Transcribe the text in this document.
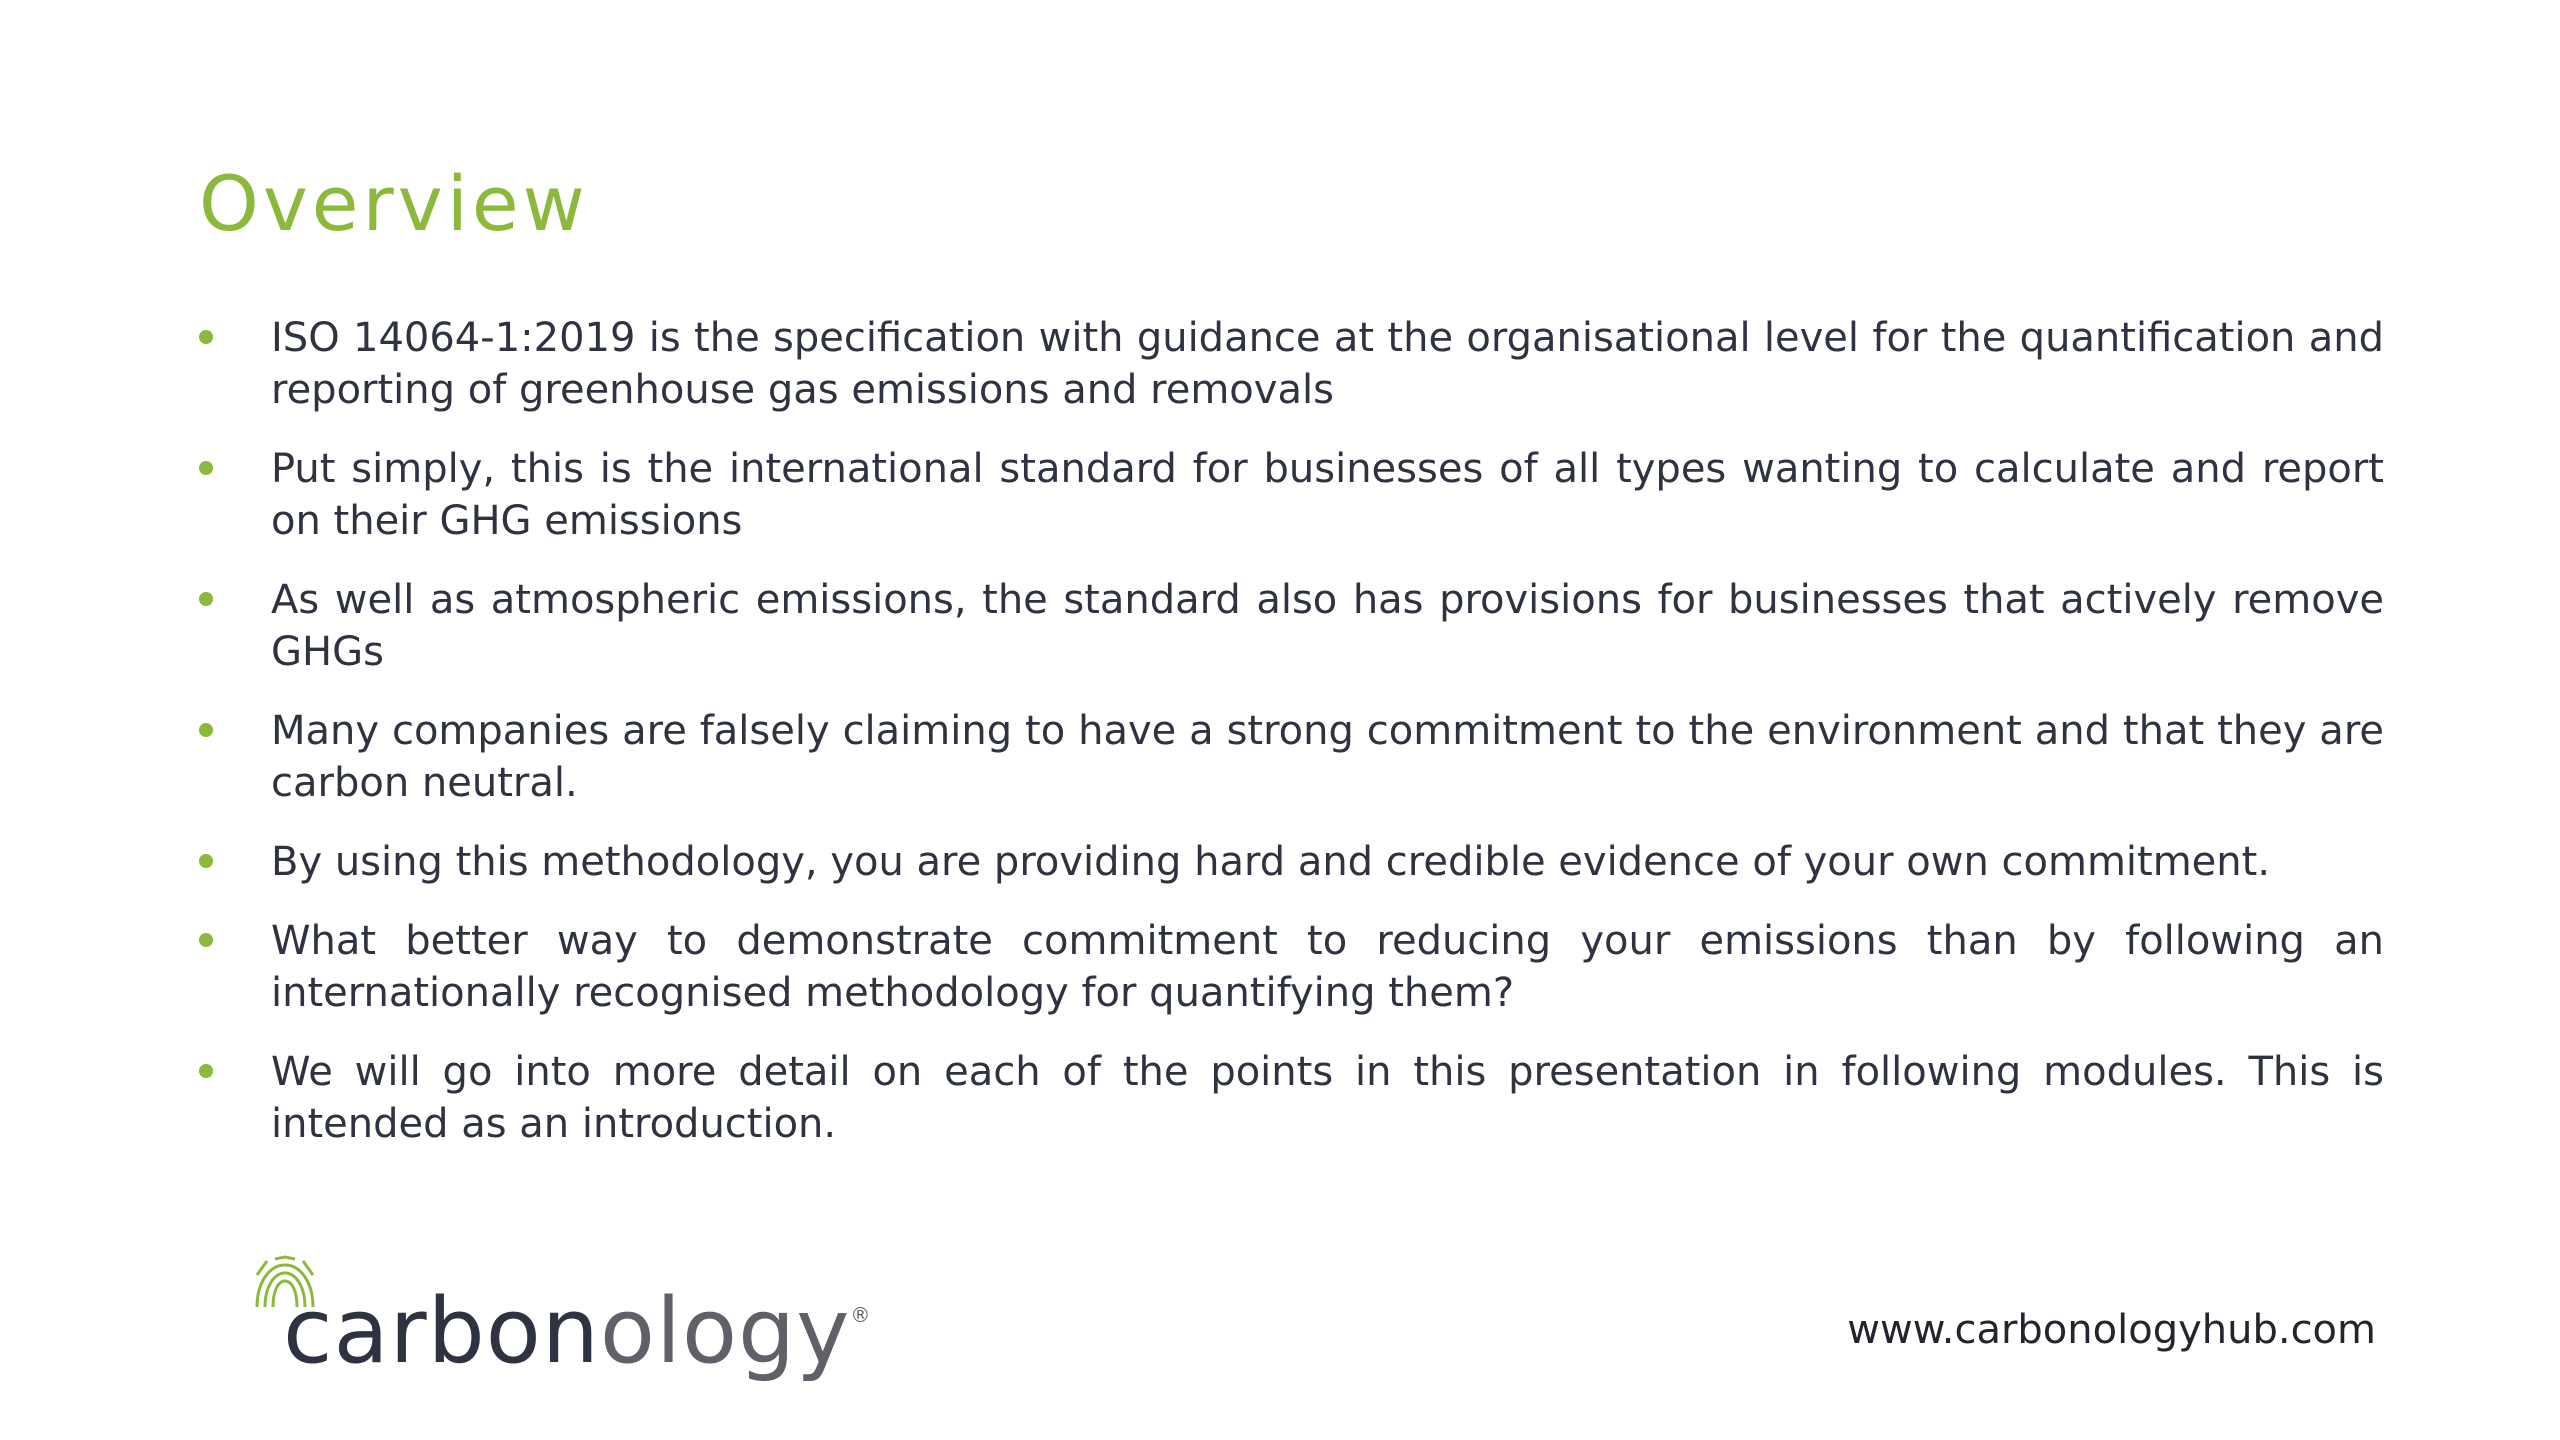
Overview
ISO 14064-1:2019 is the specification with guidance at the organisational level for the quantification and reporting of greenhouse gas emissions and removals
Put simply, this is the international standard for businesses of all types wanting to calculate and report on their GHG emissions
As well as atmospheric emissions, the standard also has provisions for businesses that actively remove GHGs
Many companies are falsely claiming to have a strong commitment to the environment and that they are carbon neutral.
By using this methodology, you are providing hard and credible evidence of your own commitment.
What better way to demonstrate commitment to reducing your emissions than by following an internationally recognised methodology for quantifying them?
We will go into more detail on each of the points in this presentation in following modules. This is intended as an introduction.
carbonology®	www.carbonologyhub.com
